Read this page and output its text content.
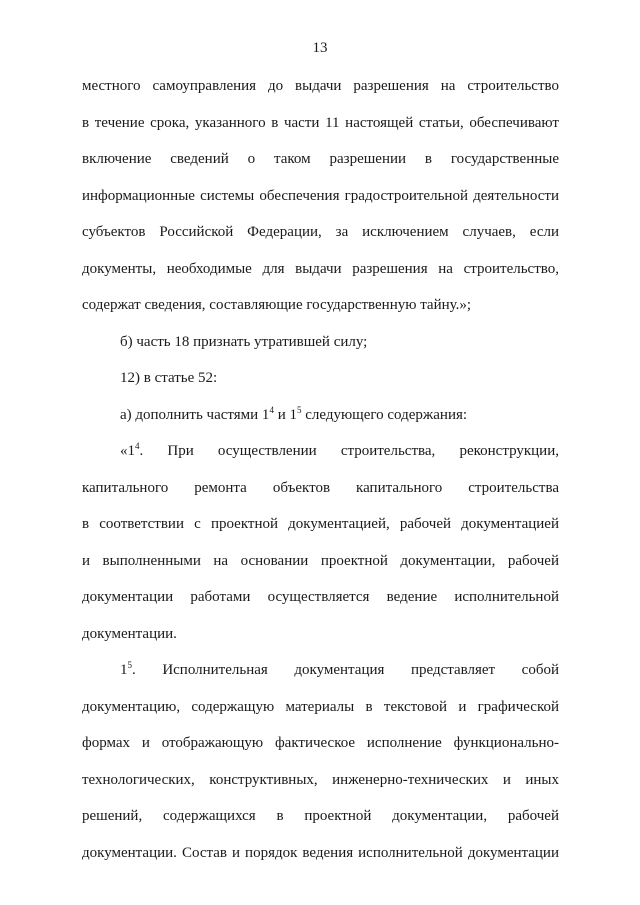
13
местного самоуправления до выдачи разрешения на строительство
в течение срока, указанного в части 11 настоящей статьи, обеспечивают
включение сведений о таком разрешении в государственные
информационные системы обеспечения градостроительной деятельности
субъектов Российской Федерации, за исключением случаев, если
документы, необходимые для выдачи разрешения на строительство,
содержат сведения, составляющие государственную тайну.»;
б) часть 18 признать утратившей силу;
12) в статье 52:
а) дополнить частями $1^4$ и $1^5$ следующего содержания:
«$1^4$. При осуществлении строительства, реконструкции,
капитального ремонта объектов капитального строительства
в соответствии с проектной документацией, рабочей документацией
и выполненными на основании проектной документации, рабочей
документации работами осуществляется ведение исполнительной
документации.
$1^5$. Исполнительная документация представляет собой
документацию, содержащую материалы в текстовой и графической
формах и отображающую фактическое исполнение функционально-
технологических, конструктивных, инженерно-технических и иных
решений, содержащихся в проектной документации, рабочей
документации. Состав и порядок ведения исполнительной документации
